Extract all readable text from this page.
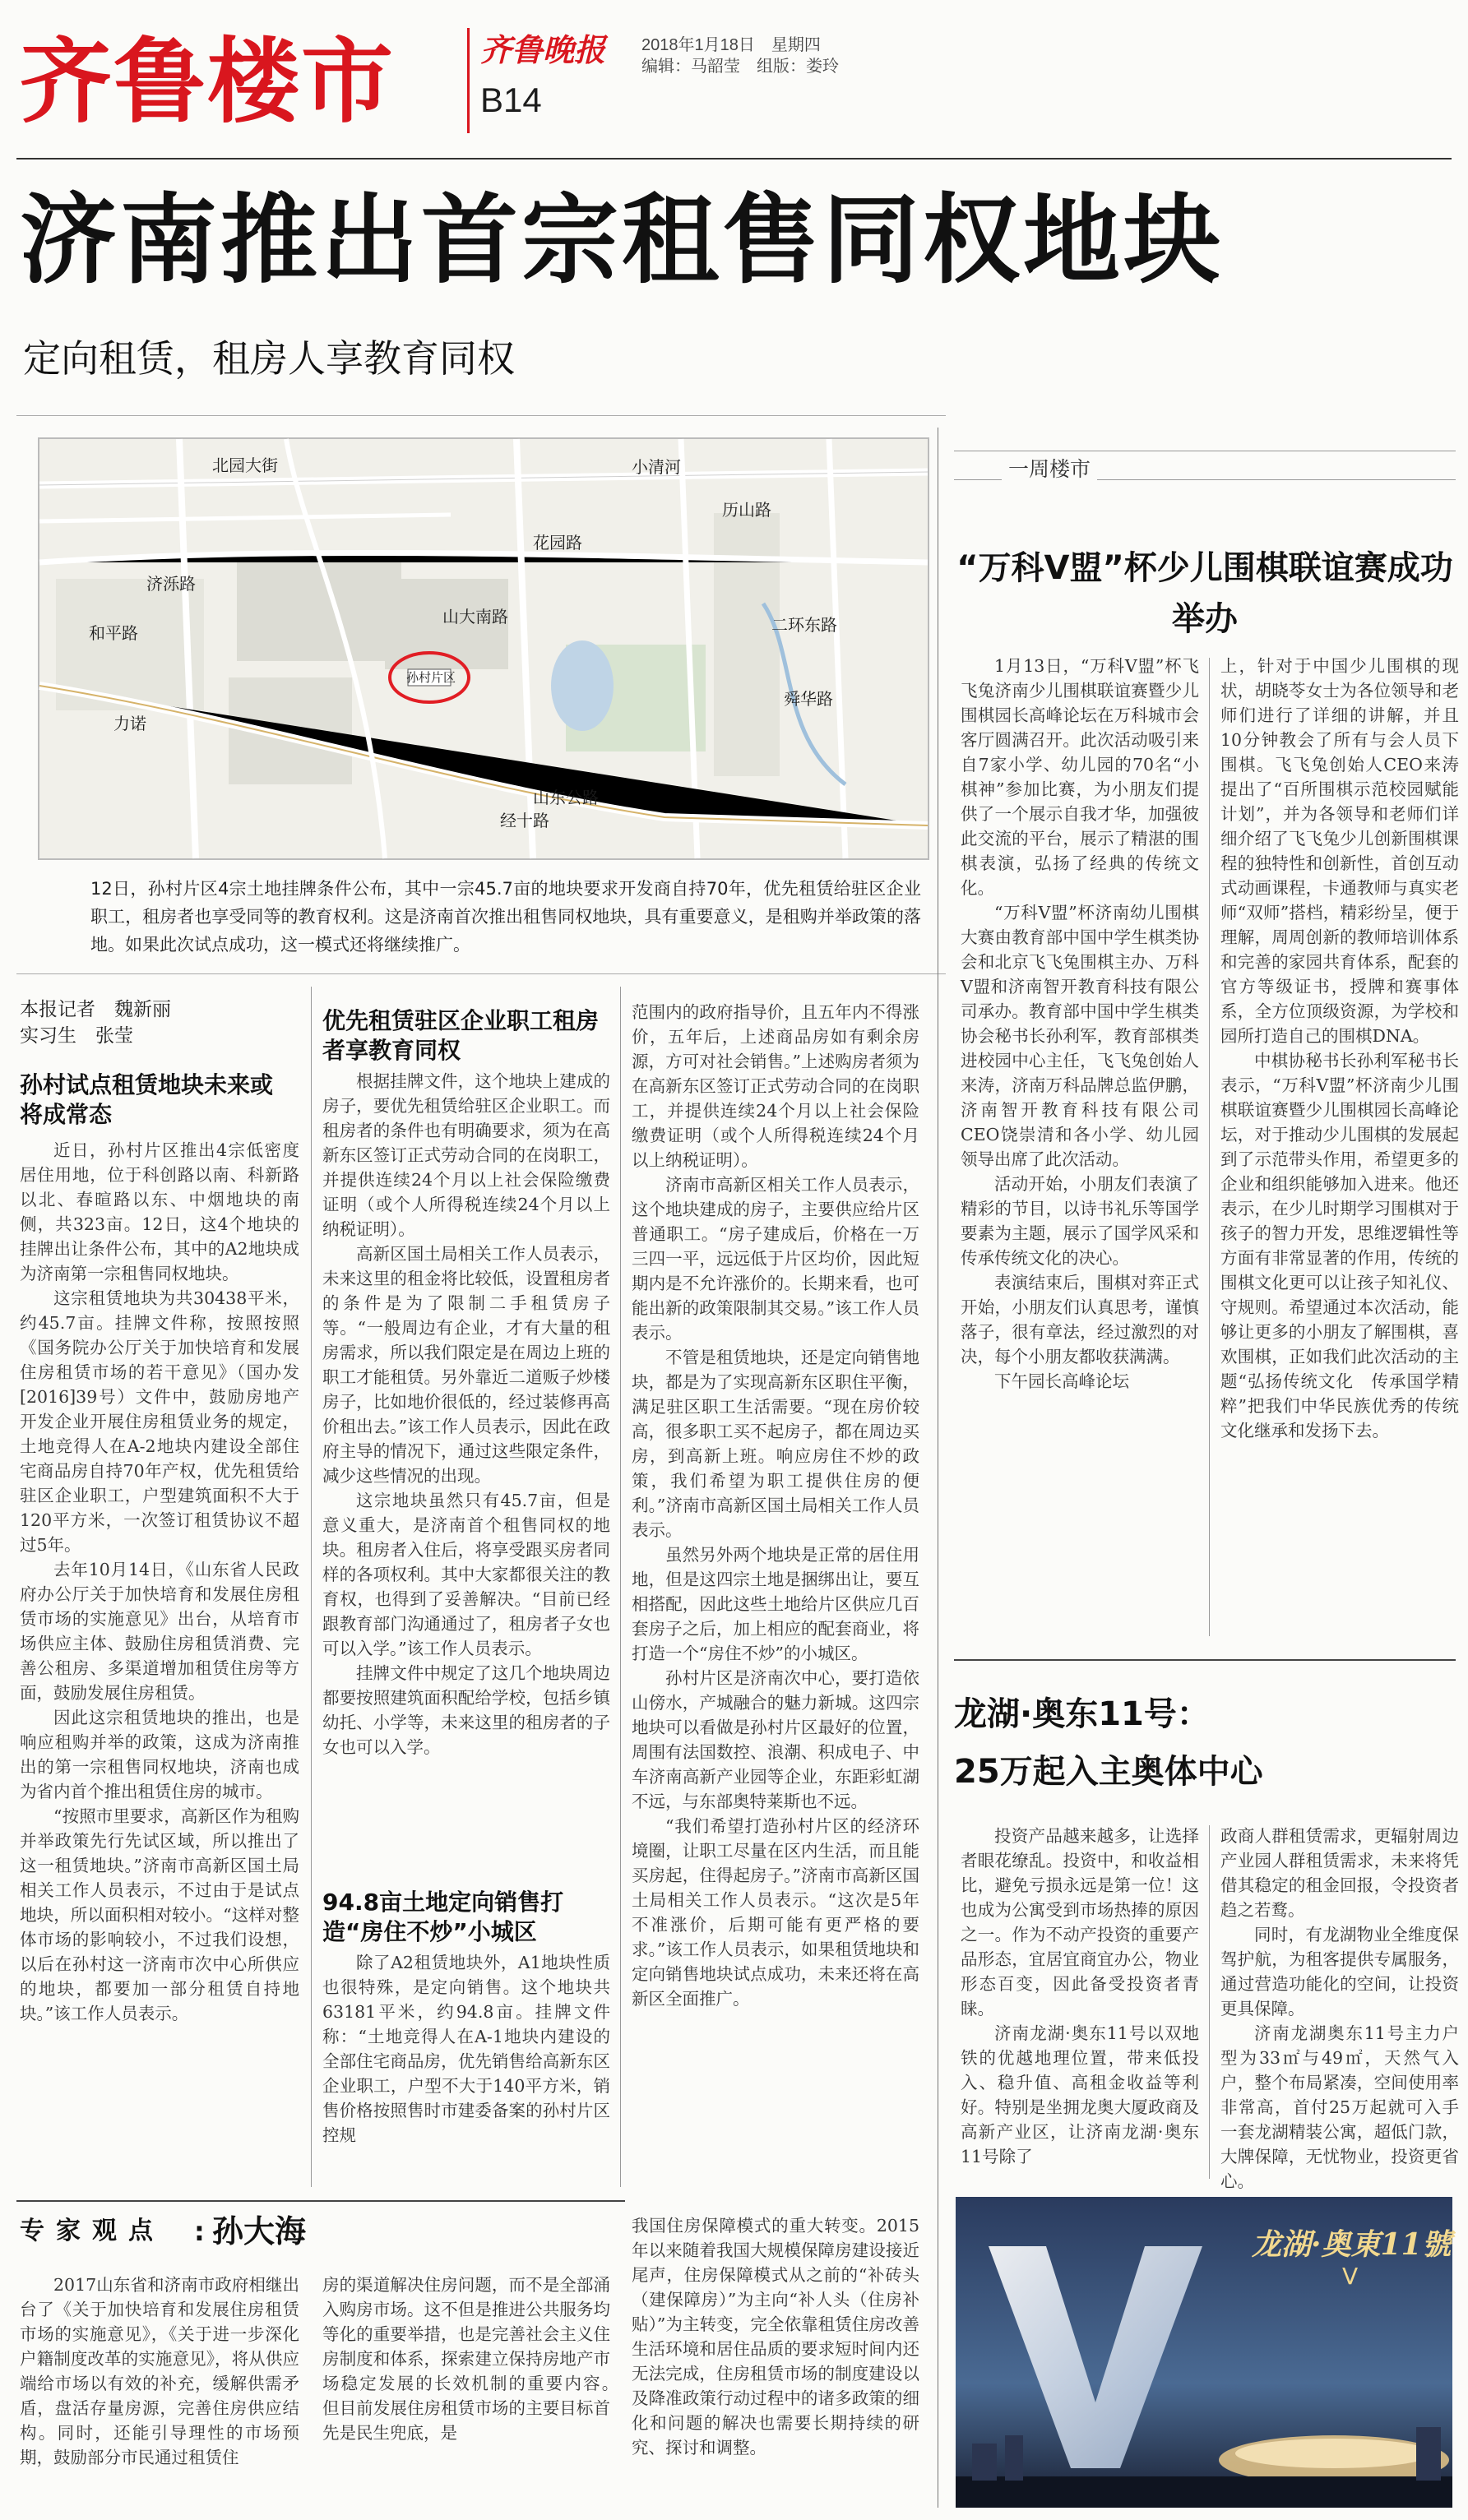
齐鲁楼市	齐鲁晚报 2018年1月18日　星期四
编辑：马韶莹　组版：娄玲
B14
济南推出首宗租售同权地块
定向租赁，租房人享教育同权
北园大街	小清河
花园路
山大南路
历山路
和平路
经十路
济泺路
二环东路
孙村片区
山东公路
力诺
舜华路
12日，孙村片区4宗土地挂牌条件公布，其中一宗45.7亩的地块要求开发商自持70年，优先租赁给驻区企业职工，租房者也享受同等的教育权利。这是济南首次推出租售同权地块，具有重要意义，是租购并举政策的落地。如果此次试点成功，这一模式还将继续推广。
本报记者　魏新丽
实习生　张莹
孙村试点租赁地块未来或将成常态

近日，孙村片区推出4宗低密度居住用地，位于科创路以南、科新路以北、春暄路以东、中烟地块的南侧，共323亩。12日，这4个地块的挂牌出让条件公布，其中的A2地块成为济南第一宗租售同权地块。

这宗租赁地块为共30438平米，约45.7亩。挂牌文件称，按照按照《国务院办公厅关于加快培育和发展住房租赁市场的若干意见》（国办发[2016]39号）文件中，鼓励房地产开发企业开展住房租赁业务的规定，土地竞得人在A-2地块内建设全部住宅商品房自持70年产权，优先租赁给驻区企业职工，户型建筑面积不大于120平方米，一次签订租赁协议不超过5年。

去年10月14日，《山东省人民政府办公厅关于加快培育和发展住房租赁市场的实施意见》出台，从培育市场供应主体、鼓励住房租赁消费、完善公租房、多渠道增加租赁住房等方面，鼓励发展住房租赁。

因此这宗租赁地块的推出，也是响应租购并举的政策，这成为济南推出的第一宗租售同权地块，济南也成为省内首个推出租赁住房的城市。

“按照市里要求，高新区作为租购并举政策先行先试区域，所以推出了这一租赁地块。”济南市高新区国土局相关工作人员表示，不过由于是试点地块，所以面积相对较小。“这样对整体市场的影响较小，不过我们设想，以后在孙村这一济南市次中心所供应的地块，都要加一部分租赁自持地块。”该工作人员表示。

优先租赁驻区企业职工租房者享教育同权

根据挂牌文件，这个地块上建成的房子，要优先租赁给驻区企业职工。而租房者的条件也有明确要求，须为在高新东区签订正式劳动合同的在岗职工，并提供连续24个月以上社会保险缴费证明（或个人所得税连续24个月以上纳税证明）。

高新区国土局相关工作人员表示，未来这里的租金将比较低，设置租房者的条件是为了限制二手租赁房子等。“一般周边有企业，才有大量的租房需求，所以我们限定是在周边上班的职工才能租赁。另外靠近二道贩子炒楼房子，比如地价很低的，经过装修再高价租出去。”该工作人员表示，因此在政府主导的情况下，通过这些限定条件，减少这些情况的出现。

这宗地块虽然只有45.7亩，但是意义重大，是济南首个租售同权的地块。租房者入住后，将享受跟买房者同样的各项权利。其中大家都很关注的教育权，也得到了妥善解决。“目前已经跟教育部门沟通通过了，租房者子女也可以入学。”该工作人员表示。

挂牌文件中规定了这几个地块周边都要按照建筑面积配给学校，包括乡镇幼托、小学等，未来这里的租房者的子女也可以入学。

94.8亩土地定向销售打造“房住不炒”小城区

除了A2租赁地块外，A1地块性质也很特殊，是定向销售。这个地块共63181平米，约94.8亩。挂牌文件称：“土地竞得人在A-1地块内建设的全部住宅商品房，优先销售给高新东区企业职工，户型不大于140平方米，销售价格按照售时市建委备案的孙村片区控规

范围内的政府指导价，且五年内不得涨价，五年后，上述商品房如有剩余房源，方可对社会销售。”上述购房者须为在高新东区签订正式劳动合同的在岗职工，并提供连续24个月以上社会保险缴费证明（或个人所得税连续24个月以上纳税证明）。

济南市高新区相关工作人员表示，这个地块建成的房子，主要供应给片区普通职工。“房子建成后，价格在一万三四一平，远远低于片区均价，因此短期内是不允许涨价的。长期来看，也可能出新的政策限制其交易。”该工作人员表示。

不管是租赁地块，还是定向销售地块，都是为了实现高新东区职住平衡，满足驻区职工生活需要。“现在房价较高，很多职工买不起房子，都在周边买房，到高新上班。响应房住不炒的政策，我们希望为职工提供住房的便利。”济南市高新区国土局相关工作人员表示。

虽然另外两个地块是正常的居住用地，但是这四宗土地是捆绑出让，要互相搭配，因此这些土地给片区供应几百套房子之后，加上相应的配套商业，将打造一个“房住不炒”的小城区。

孙村片区是济南次中心，要打造依山傍水，产城融合的魅力新城。这四宗地块可以看做是孙村片区最好的位置，周围有法国数控、浪潮、积成电子、中车济南高新产业园等企业，东距彩虹湖不远，与东部奥特莱斯也不远。

“我们希望打造孙村片区的经济环境圈，让职工尽量在区内生活，而且能买房起，住得起房子。”济南市高新区国土局相关工作人员表示。“这次是5年不准涨价，后期可能有更严格的要求。”该工作人员表示，如果租赁地块和定向销售地块试点成功，未来还将在高新区全面推广。

专家观点	: 孙大海
2017山东省和济南市政府相继出台了《关于加快培育和发展住房租赁市场的实施意见》，《关于进一步深化户籍制度改革的实施意见》，将从供应端给市场以有效的补充，缓解供需矛盾，盘活存量房源，完善住房供应结构。同时，还能引导理性的市场预期，鼓励部分市民通过租赁住
房的渠道解决住房问题，而不是全部涌入购房市场。这不但是推进公共服务均等化的重要举措，也是完善社会主义住房制度和体系，探索建立保持房地产市场稳定发展的长效机制的重要内容。　　但目前发展住房租赁市场的主要目标首先是民生兜底，是
我国住房保障模式的重大转变。2015年以来随着我国大规模保障房建设接近尾声，住房保障模式从之前的“补砖头（建保障房）”为主向“补人头（住房补贴）”为主转变，完全依靠租赁住房改善生活环境和居住品质的要求短时间内还无法完成，住房租赁市场的制度建设以及降准政策行动过程中的诸多政策的细化和问题的解决也需要长期持续的研究、探讨和调整。
一周楼市
“万科V盟”杯少儿围棋联谊赛成功举办

1月13日，“万科V盟”杯飞飞兔济南少儿围棋联谊赛暨少儿围棋园长高峰论坛在万科城市会客厅圆满召开。此次活动吸引来自7家小学、幼儿园的70名“小棋神”参加比赛，为小朋友们提供了一个展示自我才华，加强彼此交流的平台，展示了精湛的围棋表演，弘扬了经典的传统文化。

“万科V盟”杯济南幼儿围棋大赛由教育部中国中学生棋类协会和北京飞飞兔围棋主办、万科V盟和济南智开教育科技有限公司承办。教育部中国中学生棋类协会秘书长孙利军，教育部棋类进校园中心主任，飞飞兔创始人来涛，济南万科品牌总监伊鹏，济南智开教育科技有限公司CEO饶崇清和各小学、幼儿园领导出席了此次活动。

活动开始，小朋友们表演了精彩的节目，以诗书礼乐等国学要素为主题，展示了国学风采和传承传统文化的决心。

表演结束后，围棋对弈正式开始，小朋友们认真思考，谨慎落子，很有章法，经过激烈的对决，每个小朋友都收获满满。

下午园长高峰论坛

上，针对于中国少儿围棋的现状，胡晓苓女士为各位领导和老师们进行了详细的讲解，并且10分钟教会了所有与会人员下围棋。飞飞兔创始人CEO来涛提出了“百所围棋示范校园赋能计划”，并为各领导和老师们详细介绍了飞飞兔少儿创新围棋课程的独特性和创新性，首创互动式动画课程，卡通教师与真实老师“双师”搭档，精彩纷呈，便于理解，周周创新的教师培训体系和完善的家园共育体系，配套的官方等级证书，授牌和赛事体系，全方位顶级资源，为学校和园所打造自己的围棋DNA。

中棋协秘书长孙利军秘书长表示，“万科V盟”杯济南少儿围棋联谊赛暨少儿围棋园长高峰论坛，对于推动少儿围棋的发展起到了示范带头作用，希望更多的企业和组织能够加入进来。他还表示，在少儿时期学习围棋对于孩子的智力开发，思维逻辑性等方面有非常显著的作用，传统的围棋文化更可以让孩子知礼仪、守规则。希望通过本次活动，能够让更多的小朋友了解围棋，喜欢围棋，正如我们此次活动的主题“弘扬传统文化　传承国学精粹”把我们中华民族优秀的传统文化继承和发扬下去。

龙湖·奥东11号：
25万起入主奥体中心

投资产品越来越多，让选择者眼花缭乱。投资中，和收益相比，避免亏损永远是第一位！这也成为公寓受到市场热捧的原因之一。作为不动产投资的重要产品形态，宜居宜商宜办公，物业形态百变，因此备受投资者青睐。

济南龙湖·奥东11号以双地铁的优越地理位置，带来低投入、稳升值、高租金收益等利好。特别是坐拥龙奥大厦政商及高新产业区，让济南龙湖·奥东11号除了

政商人群租赁需求，更辐射周边产业园人群租赁需求，未来将凭借其稳定的租金回报，令投资者趋之若鹜。

同时，有龙湖物业全维度保驾护航，为租客提供专属服务，通过营造功能化的空间，让投资更具保障。

济南龙湖奥东11号主力户型为33㎡与49㎡，天然气入户，整个布局紧凑，空间使用率非常高，首付25万起就可入手一套龙湖精装公寓，超低门款，大牌保障，无忧物业，投资更省心。

龙湖·奥東11號
V
